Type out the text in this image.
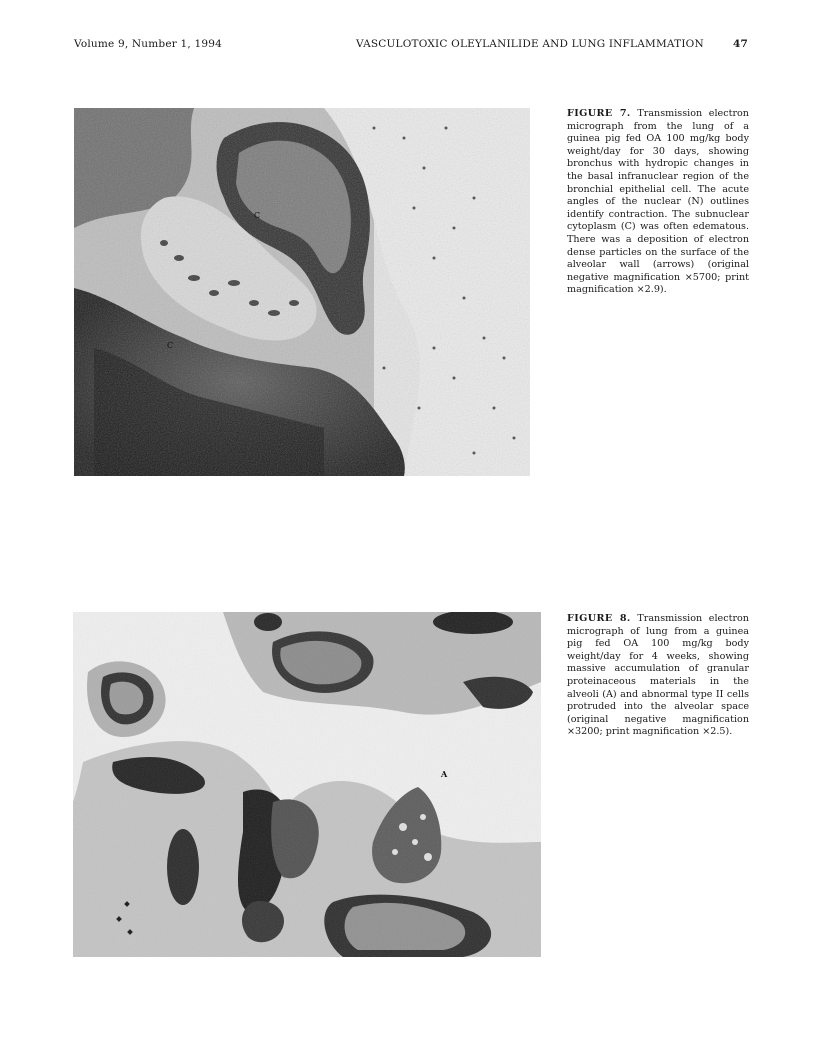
Volume 9, Number 1, 1994	VASCULOTOXIC OLEYLANILIDE AND LUNG INFLAMMATION	47
C
C
FIGURE 7. Transmission electron micrograph from the lung of a guinea pig fed OA 100 mg/kg body weight/day for 30 days, showing bronchus with hydropic changes in the basal infranuclear region of the bronchial epithelial cell. The acute angles of the nuclear (N) outlines identify contraction. The subnuclear cytoplasm (C) was often edematous. There was a deposition of electron dense particles on the surface of the alveolar wall (arrows) (original negative magnification ×5700; print magnification ×2.9).
A
FIGURE 8. Transmission electron micrograph of lung from a guinea pig fed OA 100 mg/kg body weight/day for 4 weeks, showing massive accumulation of granular proteinaceous materials in the alveoli (A) and abnormal type II cells protruded into the alveolar space (original negative magnification ×3200; print magnification ×2.5).
